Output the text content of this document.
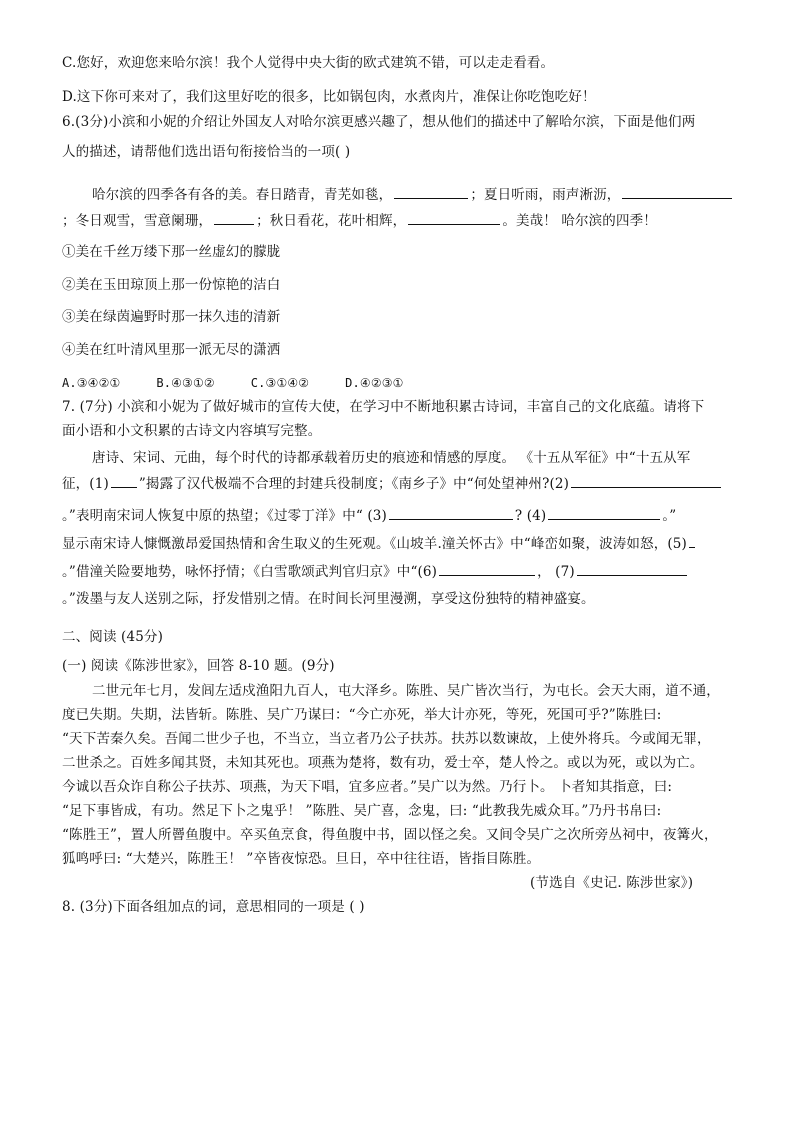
C.您好，欢迎您来哈尔滨！我个人觉得中央大街的欧式建筑不错，可以走走看看。
D.这下你可来对了，我们这里好吃的很多，比如锅包肉，水煮肉片，准保让你吃饱吃好！
6.(3分)小滨和小妮的介绍让外国友人对哈尔滨更感兴趣了，想从他们的描述中了解哈尔滨，下面是他们两
人的描述，请帮他们选出语句衔接恰当的一项( )
哈尔滨的四季各有各的美。春日踏青，青芜如毯，	；夏日听雨，雨声淅沥，
；冬日观雪，雪意阑珊，	；秋日看花，花叶相辉，	。美哉！ 哈尔滨的四季！
①美在千丝万缕下那一丝虚幻的朦胧
②美在玉田琼顶上那一份惊艳的洁白
③美在绿茵遍野时那一抹久违的清新
④美在红叶清风里那一派无尽的潇洒
A.③④②①	B.④③①②	C.③①④②	D.④②③①
7. (7分) 小滨和小妮为了做好城市的宣传大使，在学习中不断地积累古诗词，丰富自己的文化底蕴。请将下
面小语和小文积累的古诗文内容填写完整。
唐诗、宋词、元曲，每个时代的诗都承载着历史的痕迹和情感的厚度。 《十五从军征》中“十五从军
征，(1) ”揭露了汉代极端不合理的封建兵役制度；《南乡子》中“何处望神州?(2)
。”表明南宋词人恢复中原的热望；《过零丁洋》中“ (3)	? (4)	。”
显示南宋诗人慷慨激昂爱国热情和舍生取义的生死观。《山坡羊.潼关怀古》中“峰峦如聚，波涛如怒，(5)
。”借潼关险要地势，咏怀抒情；《白雪歌颂武判官归京》中“(6)	， (7)
。”泼墨与友人送别之际，抒发惜别之情。在时间长河里漫溯，享受这份独特的精神盛宴。
二、阅读 (45分)
(一) 阅读《陈涉世家》，回答 8-10 题。(9分)
二世元年七月，发闾左适戍渔阳九百人，屯大泽乡。陈胜、吴广皆次当行，为屯长。会天大雨，道不通，
度已失期。失期，法皆斩。陈胜、吴广乃谋曰：“今亡亦死，举大计亦死，等死，死国可乎?”陈胜曰:
“天下苦秦久矣。吾闻二世少子也，不当立，当立者乃公子扶苏。扶苏以数谏故，上使外将兵。今或闻无罪，
二世杀之。百姓多闻其贤，未知其死也。项燕为楚将，数有功，爱士卒，楚人怜之。或以为死，或以为亡。
今诚以吾众诈自称公子扶苏、项燕，为天下唱，宜多应者。”吴广以为然。乃行卜。 卜者知其指意，曰:
“足下事皆成，有功。然足下卜之鬼乎！ ”陈胜、吴广喜，念鬼，曰: “此教我先威众耳。”乃丹书帛曰:
“陈胜王”，置人所罾鱼腹中。卒买鱼烹食，得鱼腹中书，固以怪之矣。又间令吴广之次所旁丛祠中，夜篝火，
狐鸣呼曰: “大楚兴，陈胜王！ ”卒皆夜惊恐。旦日，卒中往往语，皆指目陈胜。
(节选自《史记. 陈涉世家》)
8. (3分)下面各组加点的词，意思相同的一项是 ( )
